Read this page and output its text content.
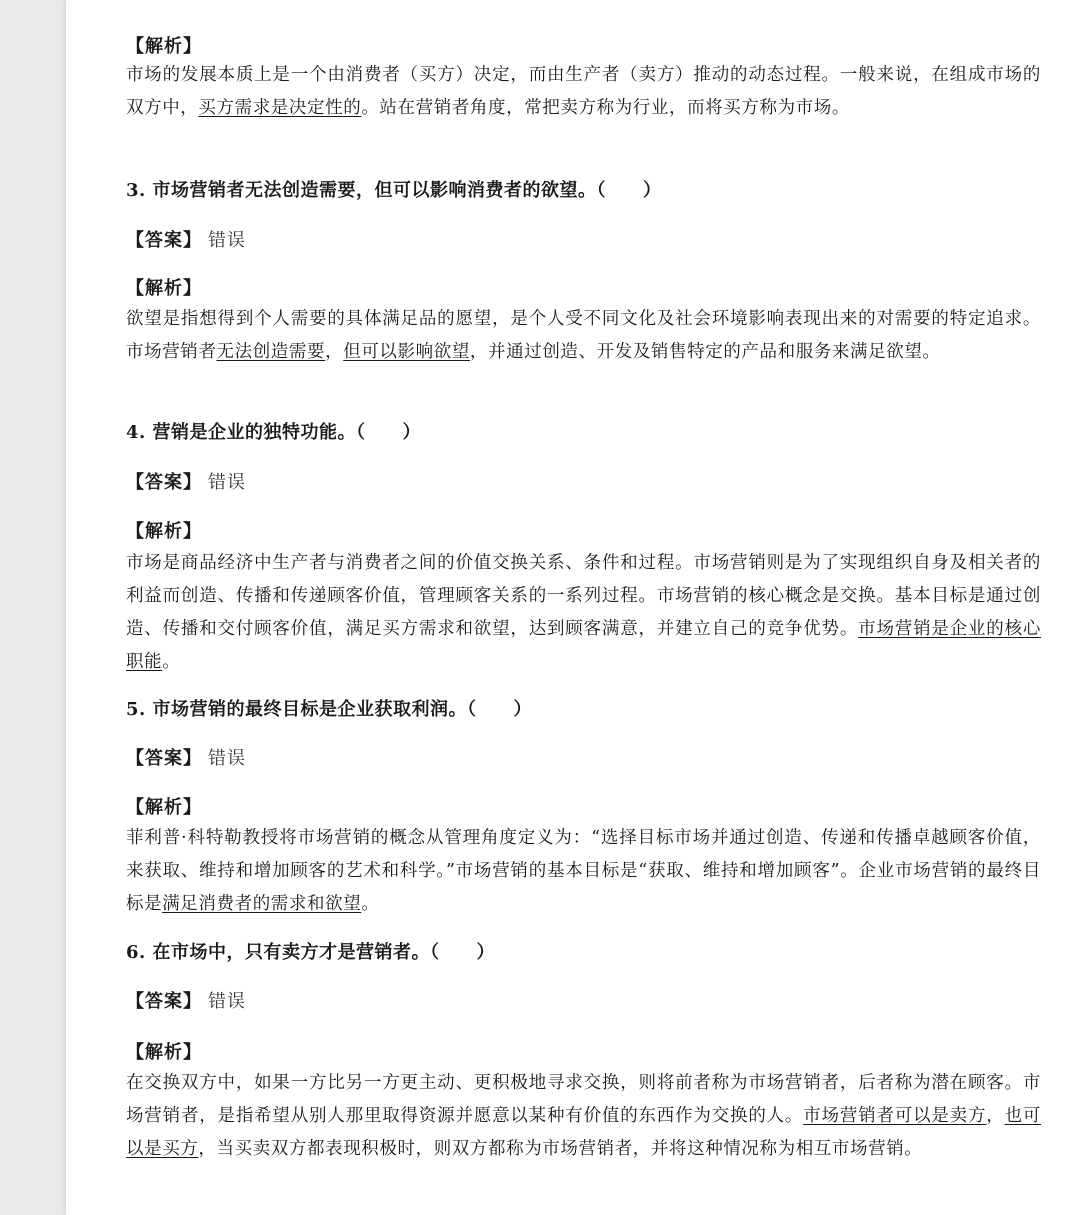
【解析】
市场的发展本质上是一个由消费者（买方）决定，而由生产者（卖方）推动的动态过程。一般来说，在组成市场的双方中，买方需求是决定性的。站在营销者角度，常把卖方称为行业，而将买方称为市场。
3. 市场营销者无法创造需要，但可以影响消费者的欲望。（　　）
【答案】 错误
【解析】
欲望是指想得到个人需要的具体满足品的愿望，是个人受不同文化及社会环境影响表现出来的对需要的特定追求。市场营销者无法创造需要，但可以影响欲望，并通过创造、开发及销售特定的产品和服务来满足欲望。
4. 营销是企业的独特功能。（　　）
【答案】 错误
【解析】
市场是商品经济中生产者与消费者之间的价值交换关系、条件和过程。市场营销则是为了实现组织自身及相关者的利益而创造、传播和传递顾客价值，管理顾客关系的一系列过程。市场营销的核心概念是交换。基本目标是通过创造、传播和交付顾客价值，满足买方需求和欲望，达到顾客满意，并建立自己的竞争优势。市场营销是企业的核心职能。
5. 市场营销的最终目标是企业获取利润。（　　）
【答案】 错误
【解析】
菲利普·科特勒教授将市场营销的概念从管理角度定义为：“选择目标市场并通过创造、传递和传播卓越顾客价值，来获取、维持和增加顾客的艺术和科学。”市场营销的基本目标是“获取、维持和增加顾客”。企业市场营销的最终目标是满足消费者的需求和欲望。
6. 在市场中，只有卖方才是营销者。（　　）
【答案】 错误
【解析】
在交换双方中，如果一方比另一方更主动、更积极地寻求交换，则将前者称为市场营销者，后者称为潜在顾客。市场营销者，是指希望从别人那里取得资源并愿意以某种有价值的东西作为交换的人。市场营销者可以是卖方，也可以是买方，当买卖双方都表现积极时，则双方都称为市场营销者，并将这种情况称为相互市场营销。
